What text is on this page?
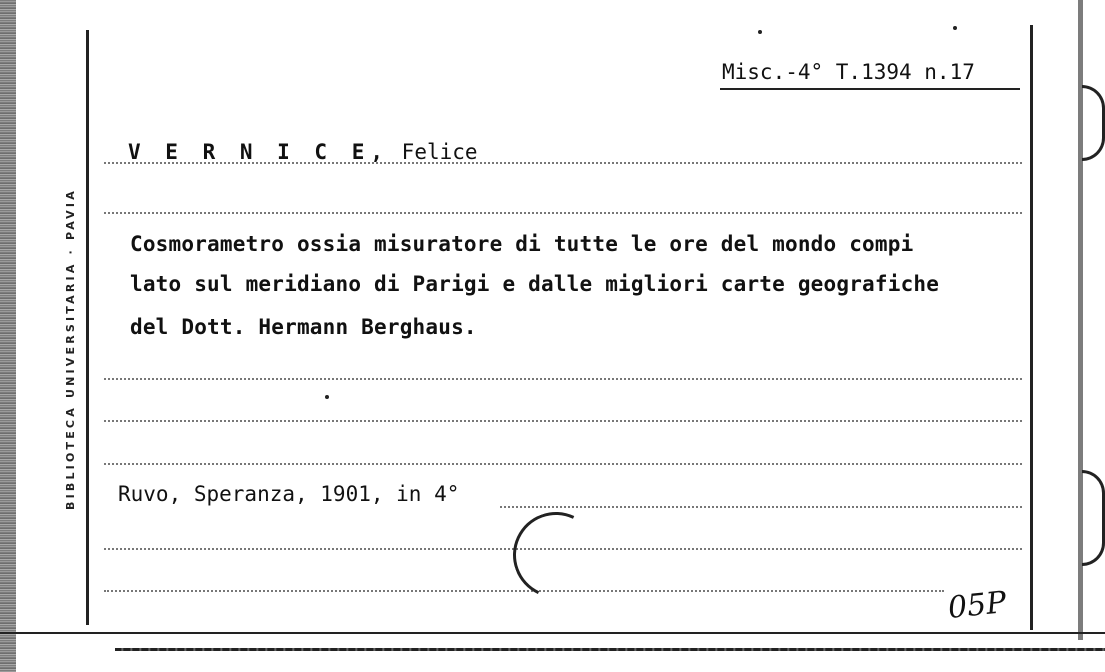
BIBLIOTECA UNIVERSITARIA · PAVIA
Misc.-4° T.1394 n.17
V E R N I C E, Felice
Cosmorametro ossia misuratore di tutte le ore del mondo compi
lato sul meridiano di Parigi e dalle migliori carte geografiche
del Dott. Hermann Berghaus.
Ruvo, Speranza, 1901, in 4°
05P
